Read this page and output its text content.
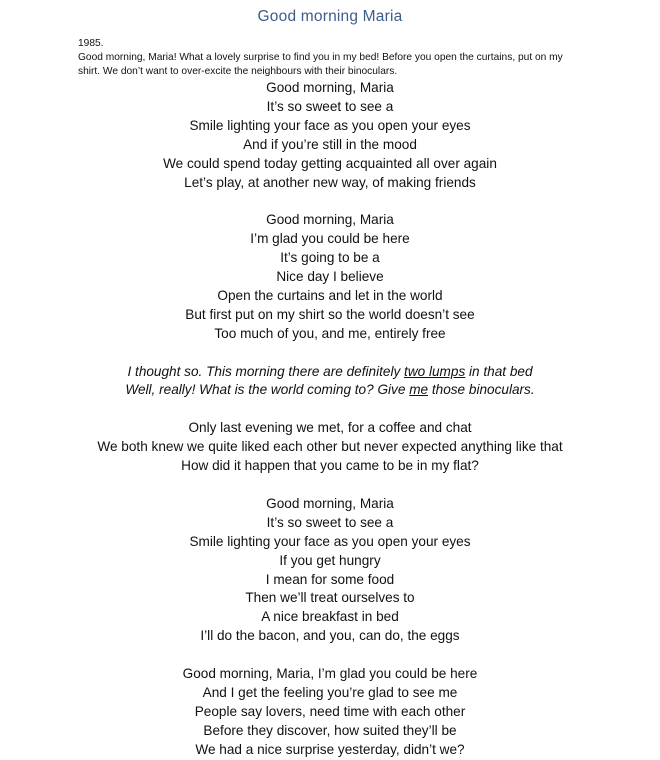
Good morning Maria
1985.
Good morning, Maria! What a lovely surprise to find you in my bed! Before you open the curtains, put on my shirt. We don’t want to over-excite the neighbours with their binoculars.
Good morning, Maria
It’s so sweet to see a
Smile lighting your face as you open your eyes
And if you’re still in the mood
We could spend today getting acquainted all over again
Let’s play, at another new way, of making friends
Good morning, Maria
I’m glad you could be here
It’s going to be a
Nice day I believe
Open the curtains and let in the world
But first put on my shirt so the world doesn’t see
Too much of you, and me, entirely free
I thought so. This morning there are definitely two lumps in that bed
Well, really! What is the world coming to? Give me those binoculars.
Only last evening we met, for a coffee and chat
We both knew we quite liked each other but never expected anything like that
How did it happen that you came to be in my flat?
Good morning, Maria
It’s so sweet to see a
Smile lighting your face as you open your eyes
If you get hungry
I mean for some food
Then we’ll treat ourselves to
A nice breakfast in bed
I’ll do the bacon, and you, can do, the eggs
Good morning, Maria, I’m glad you could be here
And I get the feeling you’re glad to see me
People say lovers, need time with each other
Before they discover, how suited they’ll be
We had a nice surprise yesterday, didn’t we?
